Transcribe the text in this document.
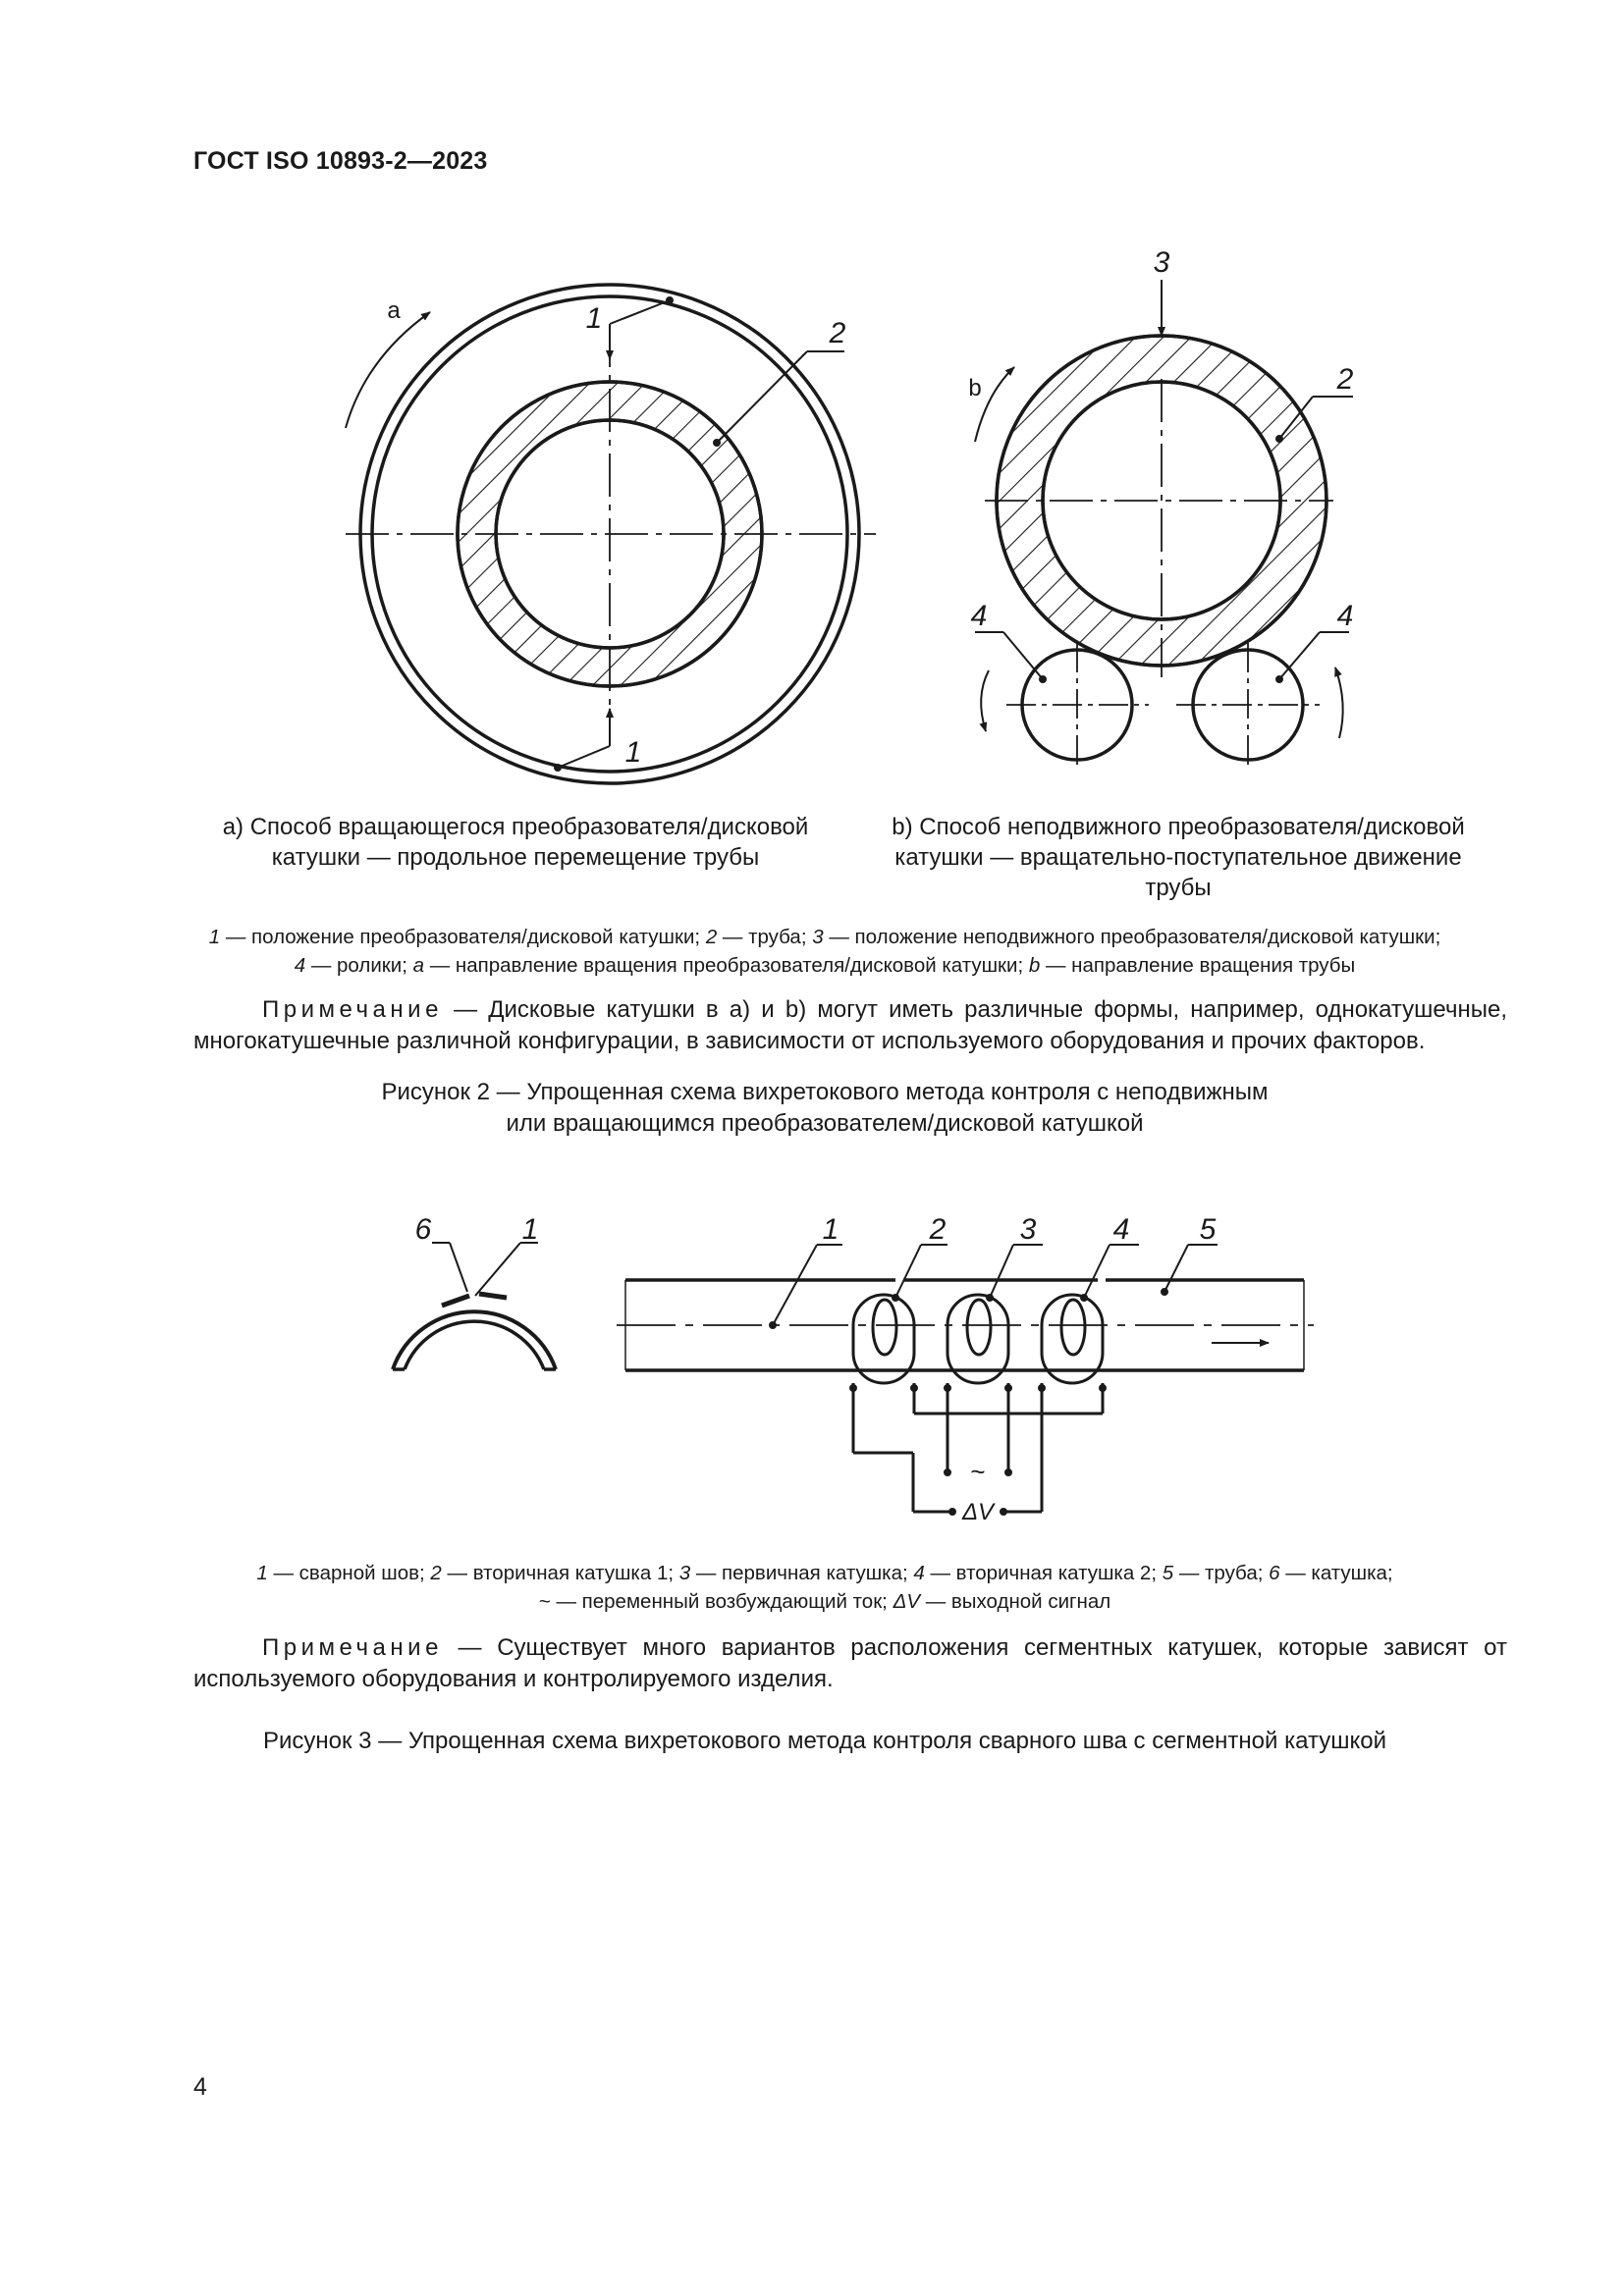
ГОСТ ISO 10893-2—2023
a	1
1
2
3
b	2
4	4
6	1	1	2	3	4 5
~
ΔV
а) Способ вращающегося преобразователя/дисковой
катушки — продольное перемещение трубы
b) Способ неподвижного преобразователя/дисковой
катушки — вращательно-поступательное движение
трубы
1 — положение преобразователя/дисковой катушки; 2 — труба; 3 — положение неподвижного преобразователя/дисковой катушки;
4 — ролики; a — направление вращения преобразователя/дисковой катушки; b — направление вращения трубы
Примечание — Дисковые катушки в а) и b) могут иметь различные формы, например, однокатушечные, многокатушечные различной конфигурации, в зависимости от используемого оборудования и прочих факторов.
Рисунок 2 — Упрощенная схема вихретокового метода контроля с неподвижным
или вращающимся преобразователем/дисковой катушкой
1 — сварной шов; 2 — вторичная катушка 1; 3 — первичная катушка; 4 — вторичная катушка 2; 5 — труба; 6 — катушка;
~ — переменный возбуждающий ток; ΔV — выходной сигнал
Примечание — Существует много вариантов расположения сегментных катушек, которые зависят от используемого оборудования и контролируемого изделия.
Рисунок 3 — Упрощенная схема вихретокового метода контроля сварного шва с сегментной катушкой
4
